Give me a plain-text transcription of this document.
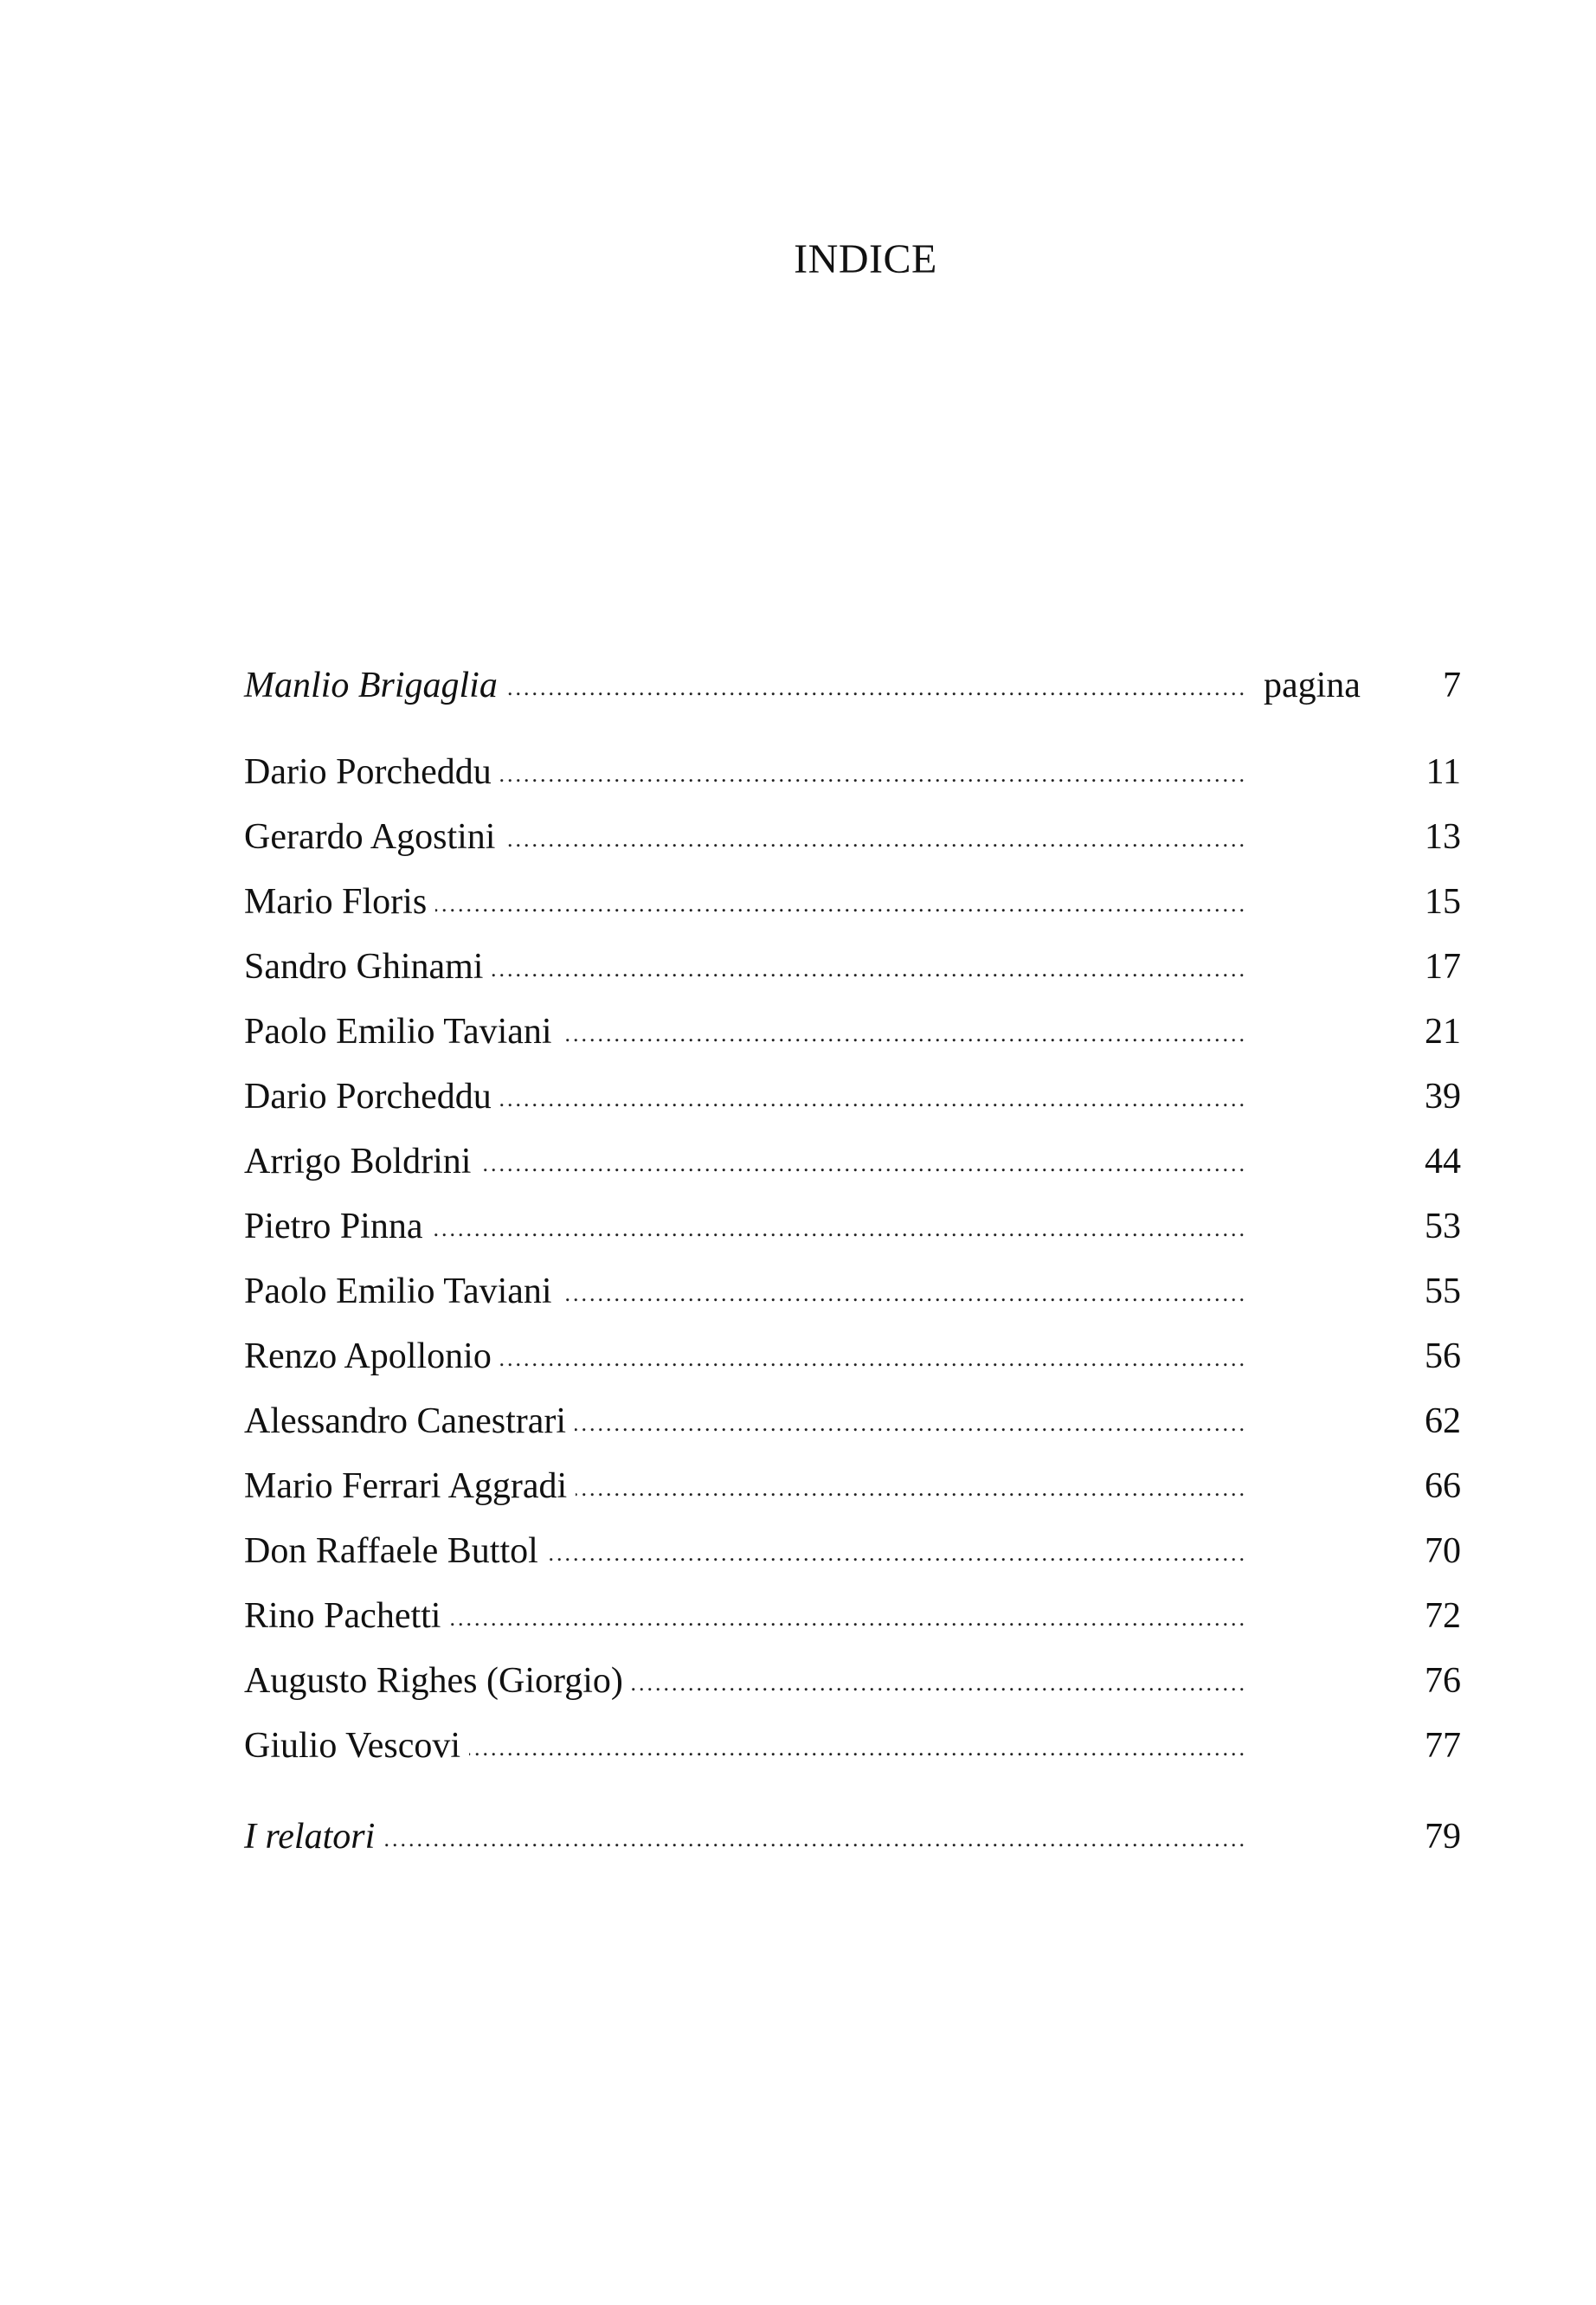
INDICE
.....
Manlio Brigaglia	pagina 7
.....
Dario Porcheddu	11
.....
Gerardo Agostini	13
.....
Mario Floris	15
.....
Sandro Ghinami	17
.....
Paolo Emilio Taviani	21
.....
Dario Porcheddu	39
.....
Arrigo Boldrini	44
.....
Pietro Pinna	53
.....
Paolo Emilio Taviani	55
.....
Renzo Apollonio	56
.....
Alessandro Canestrari	62
.....
Mario Ferrari Aggradi	66
.....
Don Raffaele Buttol	70
.....
Rino Pachetti	72
.....
Augusto Righes (Giorgio)	76
.....
Giulio Vescovi	77
.....
I relatori	79
